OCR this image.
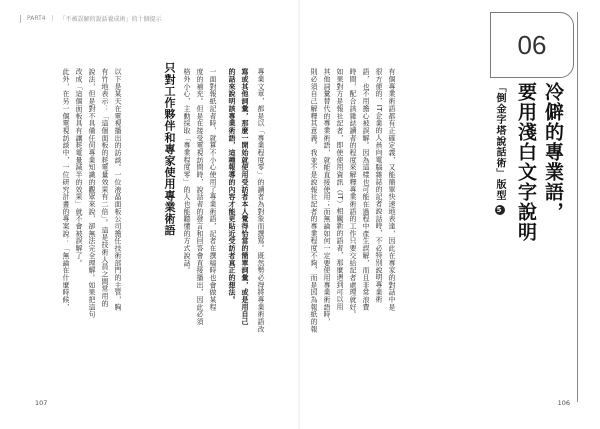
PART4 | 「不被誤解的說話養成術」的十個提示
此外，在另一個電視訪談中，一位研究計畫的專案說：「無論在什麼時候， 改成「這個面板具有讓耗電量減半的效果」就不會被誤解了。 說法，但是對不具備任何專業知識的觀眾來說，卻無法完全理解。如果把這句 有竹地表示：「這個面板的耗電量效果有二倍」。這是技術人員之間常用的 以下是某天在電視播出的訪談。一位液晶面板公司擔任技術部門的主管，胸	只對工作夥伴和專家使用專業術語 格外小心，主動採取「專業程度零」的人也能聽懂的方式說話。 度的補充。但是在接受電視訪問時，說話者的發言和回答會直接播出，因此必須 一面對報紙記者時，就算不小心使用了專業術語，記者在撰稿時也會做某程 的話來說明該專業術語，這種報導的內容才能更貼近受訪者真正的想法。 寫或其他詞彙，那麼一開始就使用受訪者本人覺得恰當的簡單詞彙，或是用自己 專業文章，都是以「專業程度零」的讀者為對象而撰寫。既然勢必得將專業術語改
107	106
則必須自己解釋其意義。我並不是說報社記者的專業程度不夠，而是因為報紙的報 其他詞彙替代的專業術語，就能直接使用；而無論如何一定要使用專業術語時， 如果對方是報社記者，即使使用資訊（IT）相關新的語者，那麼遇到可以用 時間，配合該雜誌讀者的程度來解釋專業術語的工作只要交給記者處理就好。 語，也不用擔心被誤解。因為這樣也可能在過程中產生誤解，而且非常浪費 很方便的，IT企業的人員向電腦雜誌的記者說話時，不必特別說明專業術 有個專業術語都有正確定義，又能簡單快速地表達，因此在專家的對話中是
06
冷僻的專業語，
要用淺白文字說明
「倒金字塔說話術」版型
5
